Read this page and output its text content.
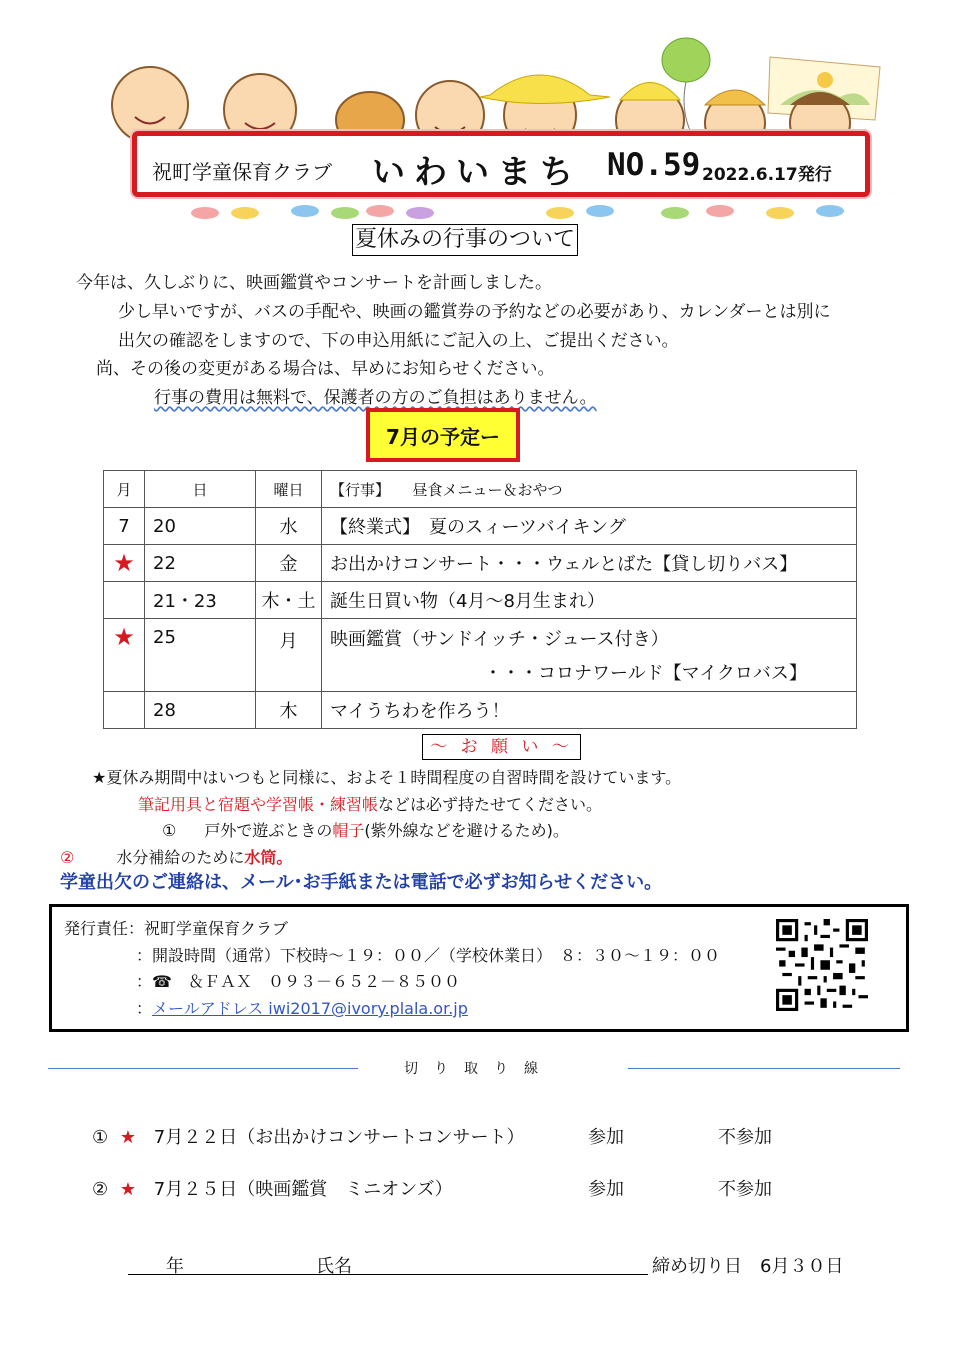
祝町学童保育クラブ いわいまち NO.59 2022.6.17発行
夏休みの行事のついて
今年は、久しぶりに、映画鑑賞やコンサートを計画しました。
少し早いですが、バスの手配や、映画の鑑賞券の予約などの必要があり、カレンダーとは別に
出欠の確認をしますので、下の申込用紙にご記入の上、ご提出ください。
尚、その後の変更がある場合は、早めにお知らせください。
行事の費用は無料で、保護者の方のご負担はありません。
7月の予定ー
月	日	曜日	【行事】　　昼食メニュー＆おやつ
7	20	水	【終業式】　夏のスィーツバイキング
★	22	金	お出かけコンサート・・・ウェルとばた【貸し切りバス】
	21・23	木・土	誕生日買い物（4月～8月生まれ）
★	25	月	映画鑑賞（サンドイッチ・ジュース付き）
・・・コロナワールド【マイクロバス】

	28	木	マイうちわを作ろう！
～ お 願 い ～
★夏休み期間中はいつもと同様に、およそ１時間程度の自習時間を設けています。
筆記用具と宿題や学習帳・練習帳などは必ず持たせてください。
① 戸外で遊ぶときの帽子(紫外線などを避けるため)。
②	水分補給のために水筒。
学童出欠のご連絡は、メール･お手紙または電話で必ずお知らせください。
発行責任：祝町学童保育クラブ
：開設時間（通常）下校時～１９：００／（学校休業日）　８：３０～１９：００
：☎　＆ＦＡＸ　０９３－６５２－８５００
：メールアドレス iwi2017@ivory.plala.or.jp
切り取り線
① ★ 7月２２日（お出かけコンサートコンサート）	参加	不参加
② ★ 7月２５日（映画鑑賞　ミニオンズ）	参加	不参加
年	氏名	締め切り日　6月３０日
